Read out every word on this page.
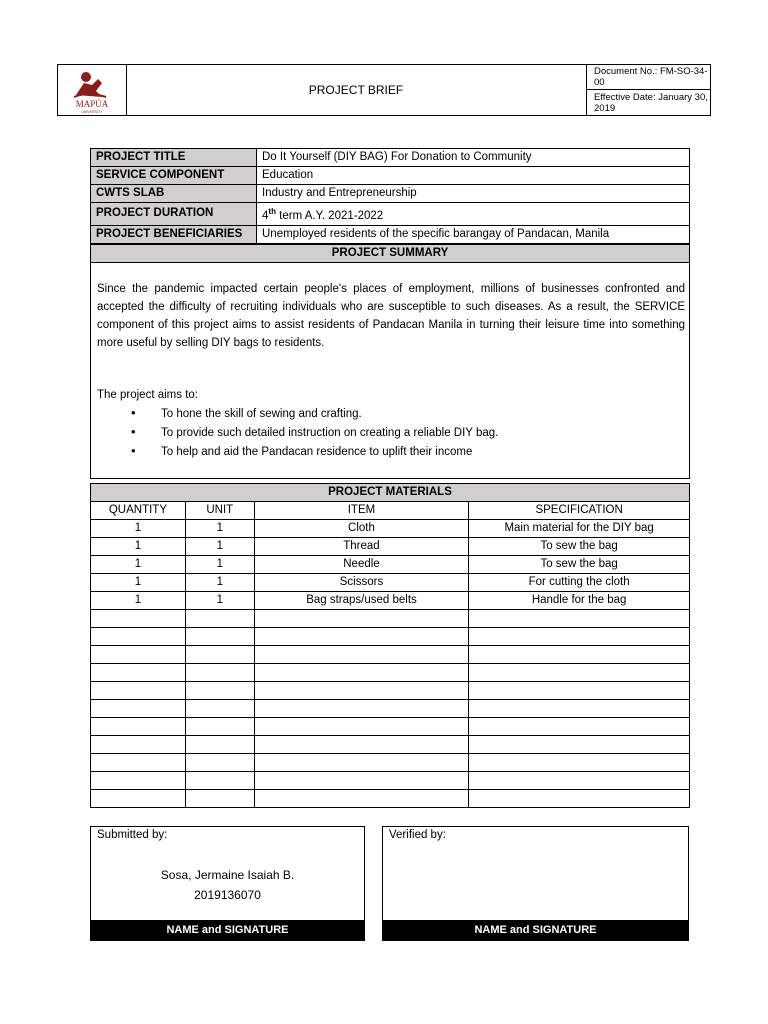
MAPÚA
UNIVERSITY
PROJECT BRIEF
Document No.: FM-SO-34-00
Effective Date: January 30, 2019
PROJECT TITLE	Do It Yourself (DIY BAG) For Donation to Community
SERVICE COMPONENT	Education
CWTS SLAB	Industry and Entrepreneurship
PROJECT DURATION	4th term A.Y. 2021-2022
PROJECT BENEFICIARIES	Unemployed residents of the specific barangay of Pandacan, Manila
PROJECT SUMMARY
Since the pandemic impacted certain people's places of employment, millions of businesses confronted and accepted the difficulty of recruiting individuals who are susceptible to such diseases. As a result, the SERVICE component of this project aims to assist residents of Pandacan Manila in turning their leisure time into something more useful by selling DIY bags to residents.
The project aims to:
• To hone the skill of sewing and crafting.
• To provide such detailed instruction on creating a reliable DIY bag.
• To help and aid the Pandacan residence to uplift their income
PROJECT MATERIALS			
QUANTITY	UNIT	ITEM	SPECIFICATION
1	1	Cloth	Main material for the DIY bag
1	1	Thread	To sew the bag
1	1	Needle	To sew the bag
1	1	Scissors	For cutting the cloth
1	1	Bag straps/used belts	Handle for the bag

Submitted by:
Sosa, Jermaine Isaiah B.
2019136070
NAME and SIGNATURE
Verified by:
NAME and SIGNATURE
